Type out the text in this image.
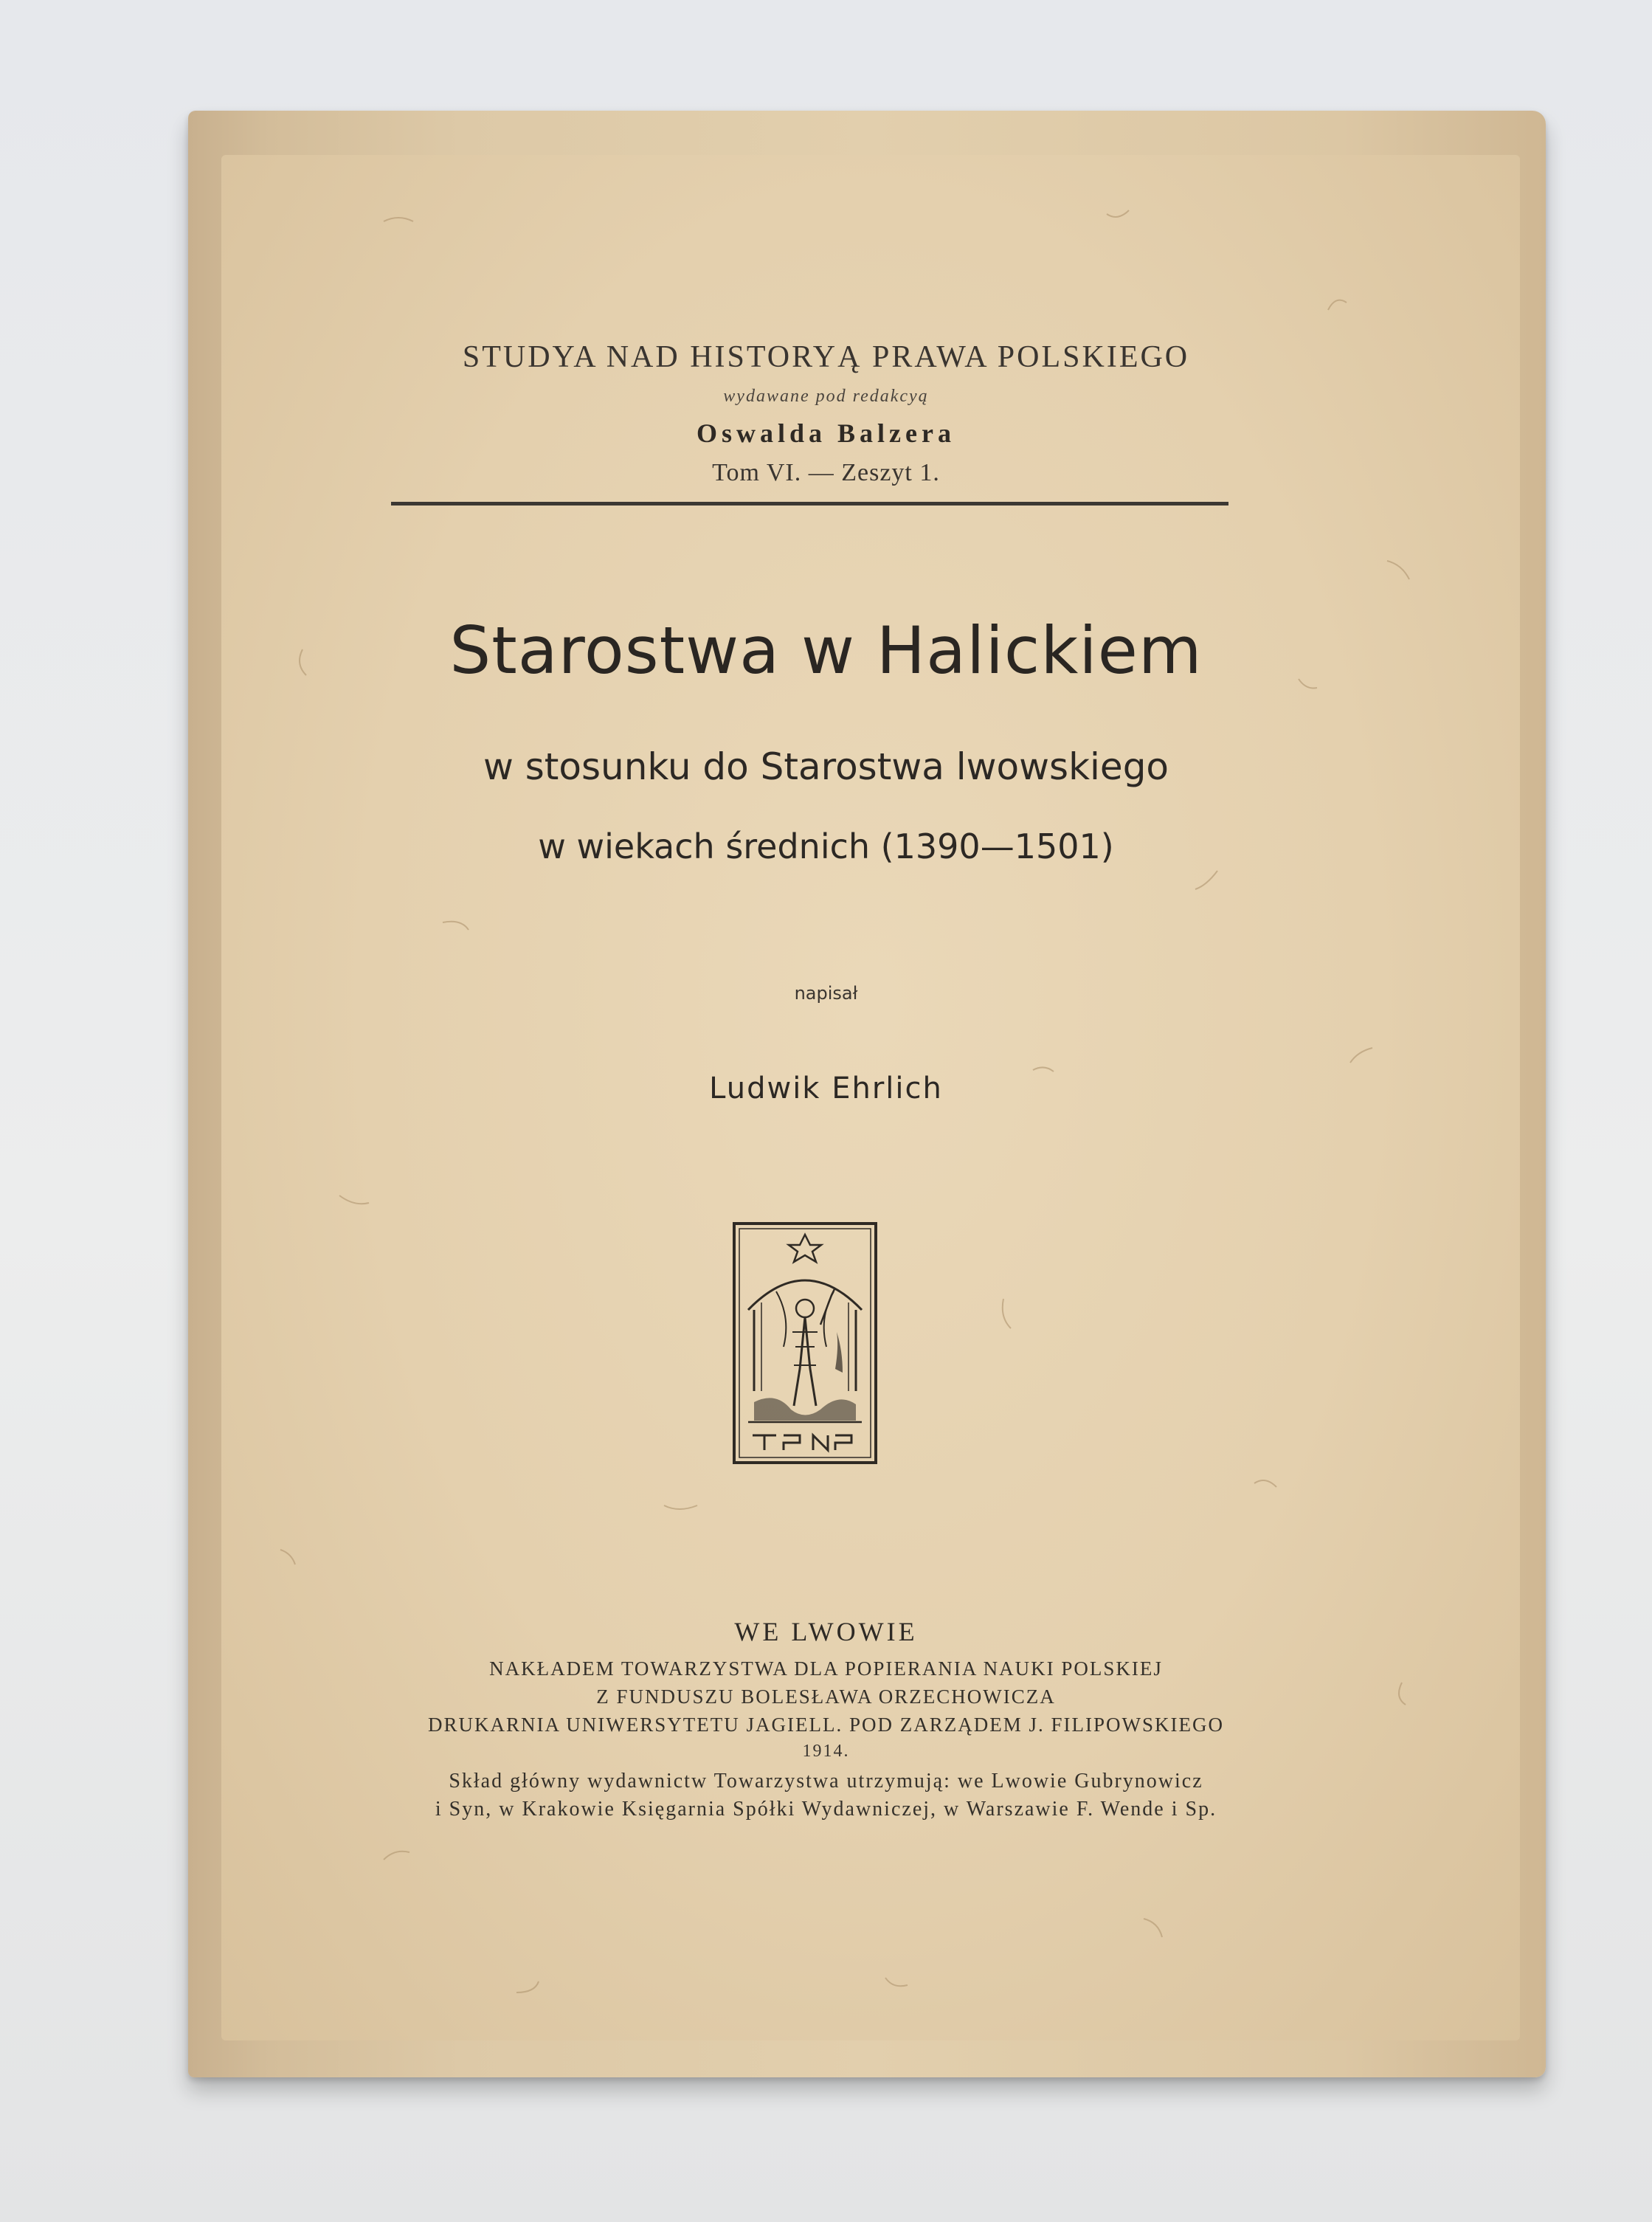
STUDYA NAD HISTORYĄ PRAWA POLSKIEGO
wydawane pod redakcyą
Oswalda Balzera
Tom VI. — Zeszyt 1.
Starostwa w Halickiem
w stosunku do Starostwa lwowskiego
w wiekach średnich (1390—1501)
napisał
Ludwik Ehrlich
WE LWOWIE
NAKŁADEM TOWARZYSTWA DLA POPIERANIA NAUKI POLSKIEJ
Z FUNDUSZU BOLESŁAWA ORZECHOWICZA
DRUKARNIA UNIWERSYTETU JAGIELL. POD ZARZĄDEM J. FILIPOWSKIEGO
1914.
Skład główny wydawnictw Towarzystwa utrzymują: we Lwowie Gubrynowicz
i Syn, w Krakowie Księgarnia Spółki Wydawniczej, w Warszawie F. Wende i Sp.
